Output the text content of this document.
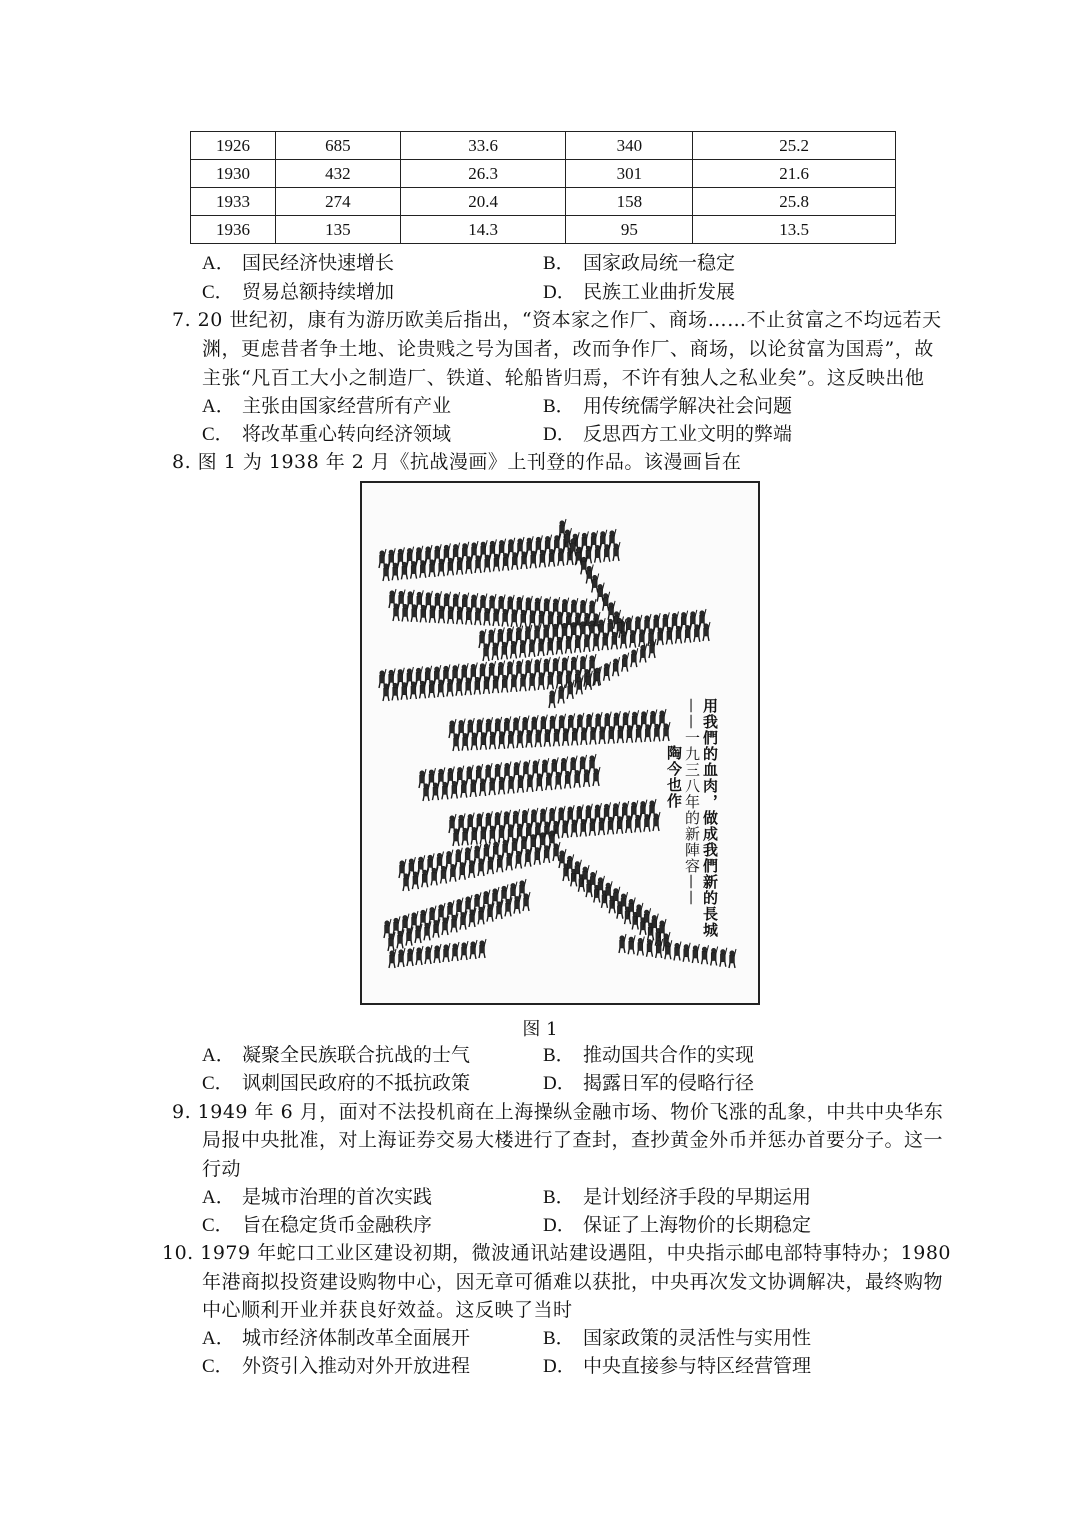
1926	685	33.6	340	25.2
1930	432	26.3	301	21.6
1933	274	20.4	158	25.8
1936	135	14.3	95	13.5
A． 国民经济快速增长	B． 国家政局统一稳定
C． 贸易总额持续增加	D． 民族工业曲折发展
7. 20 世纪初，康有为游历欧美后指出，“资本家之作厂、商场……不止贫富之不均远若天
渊，更虑昔者争土地、论贵贱之号为国者，改而争作厂、商场，以论贫富为国焉”，故
主张“凡百工大小之制造厂、铁道、轮船皆归焉，不许有独人之私业矣”。这反映出他
A． 主张由国家经营所有产业	B． 用传统儒学解决社会问题
C． 将改革重心转向经济领域	D． 反思西方工业文明的弊端
8. 图 1 为 1938 年 2 月《抗战漫画》上刊登的作品。该漫画旨在
用我們的血肉，做成我們新的長城
——一九三八年的新陣容——
陶今也作
图 1
A． 凝聚全民族联合抗战的士气	B． 推动国共合作的实现
C． 讽刺国民政府的不抵抗政策	D． 揭露日军的侵略行径
9. 1949 年 6 月，面对不法投机商在上海操纵金融市场、物价飞涨的乱象，中共中央华东
局报中央批准，对上海证券交易大楼进行了查封，查抄黄金外币并惩办首要分子。这一
行动
A． 是城市治理的首次实践	B． 是计划经济手段的早期运用
C． 旨在稳定货币金融秩序	D． 保证了上海物价的长期稳定
10. 1979 年蛇口工业区建设初期，微波通讯站建设遇阻，中央指示邮电部特事特办；1980
年港商拟投资建设购物中心，因无章可循难以获批，中央再次发文协调解决，最终购物
中心顺利开业并获良好效益。这反映了当时
A． 城市经济体制改革全面展开	B． 国家政策的灵活性与实用性
C． 外资引入推动对外开放进程	D． 中央直接参与特区经营管理
